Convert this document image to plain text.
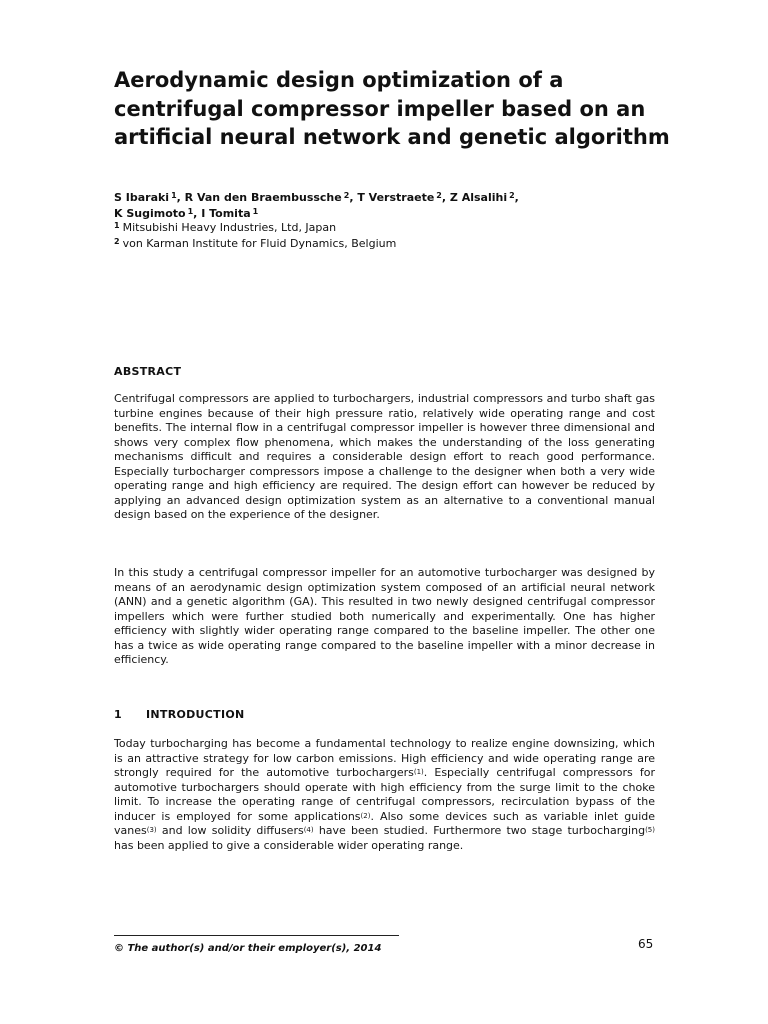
Aerodynamic design optimization of a centrifugal compressor impeller based on an artificial neural network and genetic algorithm
S Ibaraki $^1$, R Van den Braembussche $^2$, T Verstraete $^2$, Z Alsalihi $^2$,
K Sugimoto $^1$, I Tomita $^1$
$^1$ Mitsubishi Heavy Industries, Ltd, Japan
$^2$ von Karman Institute for Fluid Dynamics, Belgium
ABSTRACT

Centrifugal compressors are applied to turbochargers, industrial compressors and turbo shaft gas turbine engines because of their high pressure ratio, relatively wide operating range and cost benefits. The internal flow in a centrifugal compressor impeller is however three dimensional and shows very complex flow phenomena, which makes the understanding of the loss generating mechanisms difficult and requires a considerable design effort to reach good performance. Especially turbocharger compressors impose a challenge to the designer when both a very wide operating range and high efficiency are required. The design effort can however be reduced by applying an advanced design optimization system as an alternative to a conventional manual design based on the experience of the designer.

In this study a centrifugal compressor impeller for an automotive turbocharger was designed by means of an aerodynamic design optimization system composed of an artificial neural network (ANN) and a genetic algorithm (GA). This resulted in two newly designed centrifugal compressor impellers which were further studied both numerically and experimentally. One has higher efficiency with slightly wider operating range compared to the baseline impeller. The other one has a twice as wide operating range compared to the baseline impeller with a minor decrease in efficiency.

1 INTRODUCTION

Today turbocharging has become a fundamental technology to realize engine downsizing, which is an attractive strategy for low carbon emissions. High efficiency and wide operating range are strongly required for the automotive turbochargers$^{(1)}$. Especially centrifugal compressors for automotive turbochargers should operate with high efficiency from the surge limit to the choke limit. To increase the operating range of centrifugal compressors, recirculation bypass of the inducer is employed for some applications$^{(2)}$. Also some devices such as variable inlet guide vanes$^{(3)}$ and low solidity diffusers$^{(4)}$ have been studied. Furthermore two stage turbocharging$^{(5)}$ has been applied to give a considerable wider operating range.

© The author(s) and/or their employer(s), 2014	65
